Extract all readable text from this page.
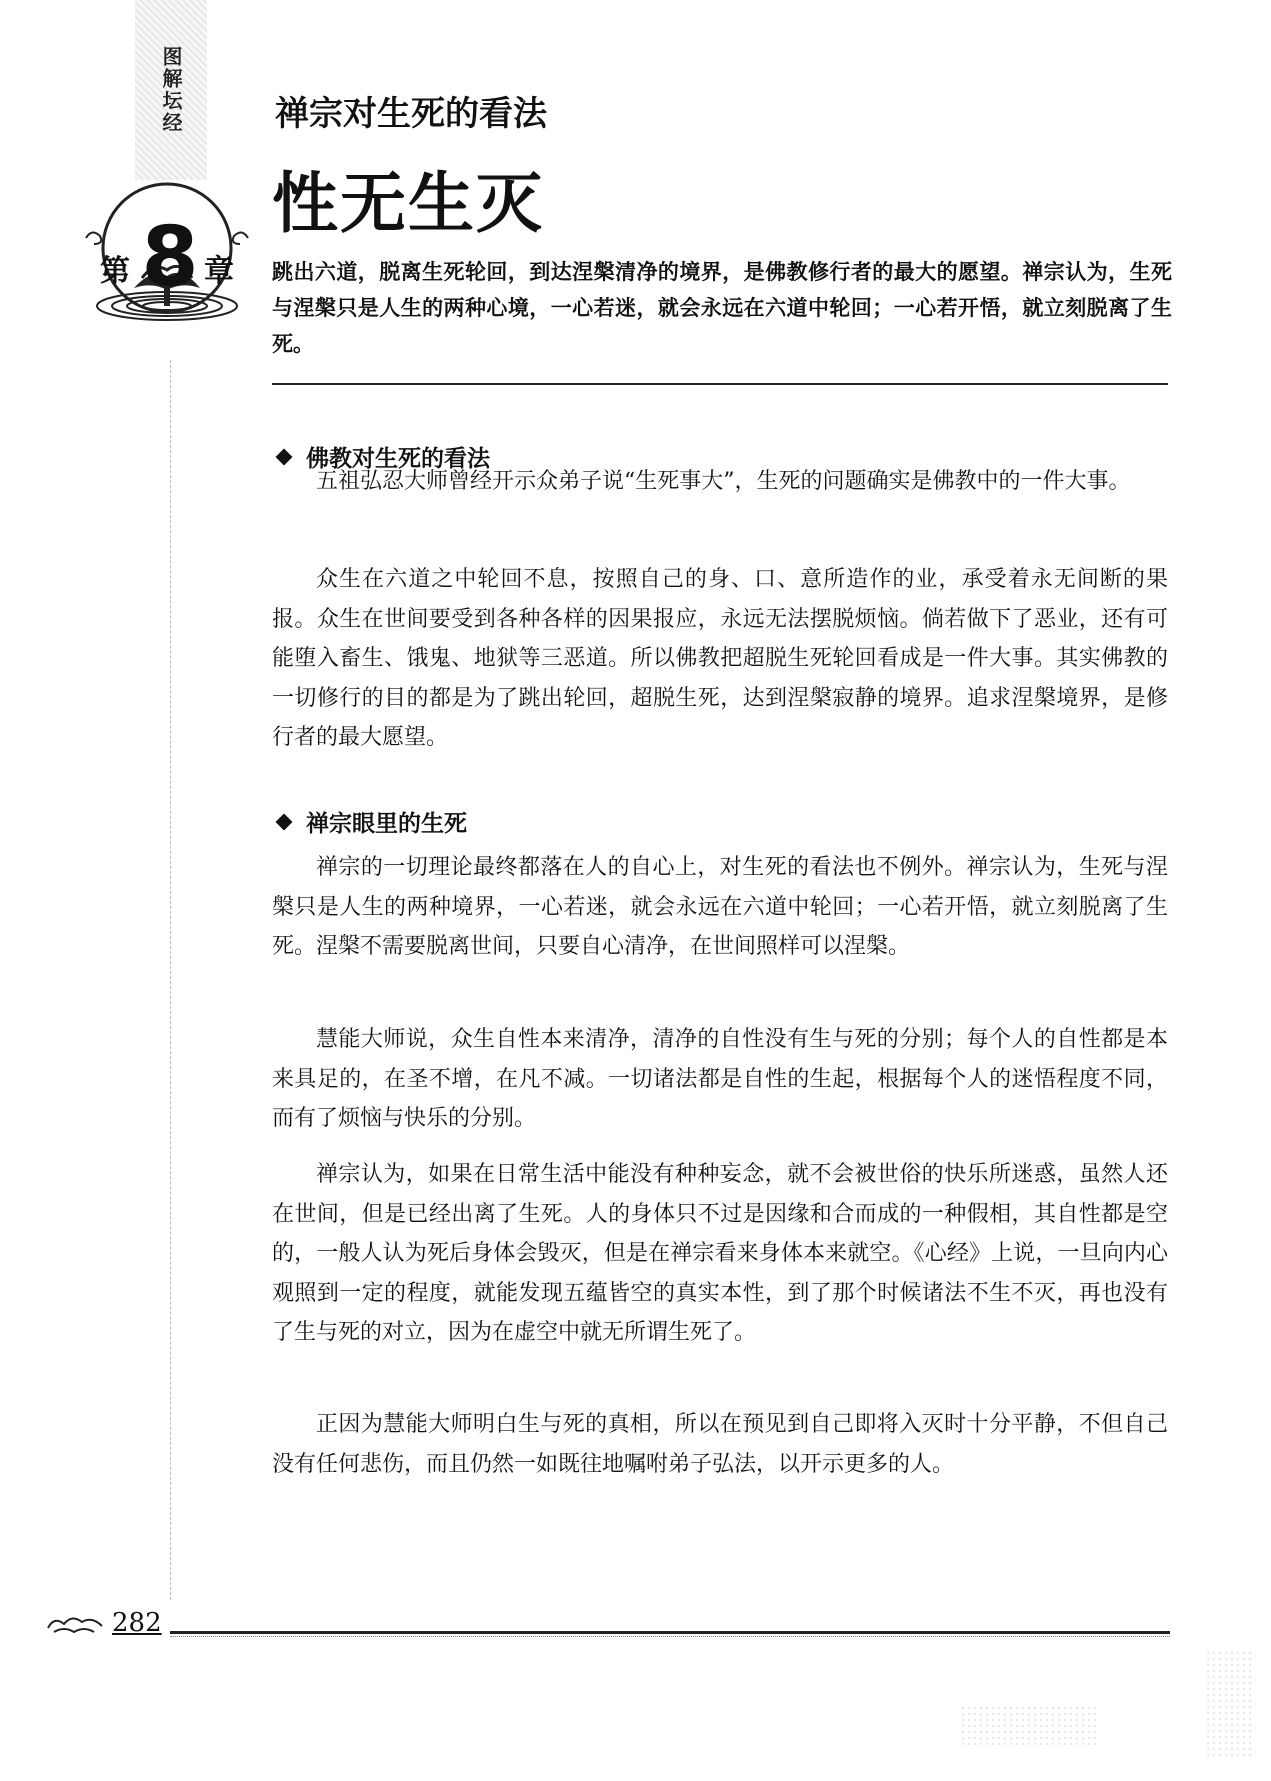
图解坛经
第 8 章
禅宗对生死的看法
性无生灭
跳出六道，脱离生死轮回，到达涅槃清净的境界，是佛教修行者的最大的愿望。禅宗认为，生死与涅槃只是人生的两种心境，一心若迷，就会永远在六道中轮回；一心若开悟，就立刻脱离了生死。
佛教对生死的看法

五祖弘忍大师曾经开示众弟子说“生死事大”，生死的问题确实是佛教中的一件大事。

众生在六道之中轮回不息，按照自己的身、口、意所造作的业，承受着永无间断的果报。众生在世间要受到各种各样的因果报应，永远无法摆脱烦恼。倘若做下了恶业，还有可能堕入畜生、饿鬼、地狱等三恶道。所以佛教把超脱生死轮回看成是一件大事。其实佛教的一切修行的目的都是为了跳出轮回，超脱生死，达到涅槃寂静的境界。追求涅槃境界，是修行者的最大愿望。

禅宗眼里的生死

禅宗的一切理论最终都落在人的自心上，对生死的看法也不例外。禅宗认为，生死与涅槃只是人生的两种境界，一心若迷，就会永远在六道中轮回；一心若开悟，就立刻脱离了生死。涅槃不需要脱离世间，只要自心清净，在世间照样可以涅槃。

慧能大师说，众生自性本来清净，清净的自性没有生与死的分别；每个人的自性都是本来具足的，在圣不增，在凡不减。一切诸法都是自性的生起，根据每个人的迷悟程度不同，而有了烦恼与快乐的分别。

禅宗认为，如果在日常生活中能没有种种妄念，就不会被世俗的快乐所迷惑，虽然人还在世间，但是已经出离了生死。人的身体只不过是因缘和合而成的一种假相，其自性都是空的，一般人认为死后身体会毁灭，但是在禅宗看来身体本来就空。《心经》上说，一旦向内心观照到一定的程度，就能发现五蕴皆空的真实本性，到了那个时候诸法不生不灭，再也没有了生与死的对立，因为在虚空中就无所谓生死了。

正因为慧能大师明白生与死的真相，所以在预见到自己即将入灭时十分平静，不但自己没有任何悲伤，而且仍然一如既往地嘱咐弟子弘法，以开示更多的人。

282
